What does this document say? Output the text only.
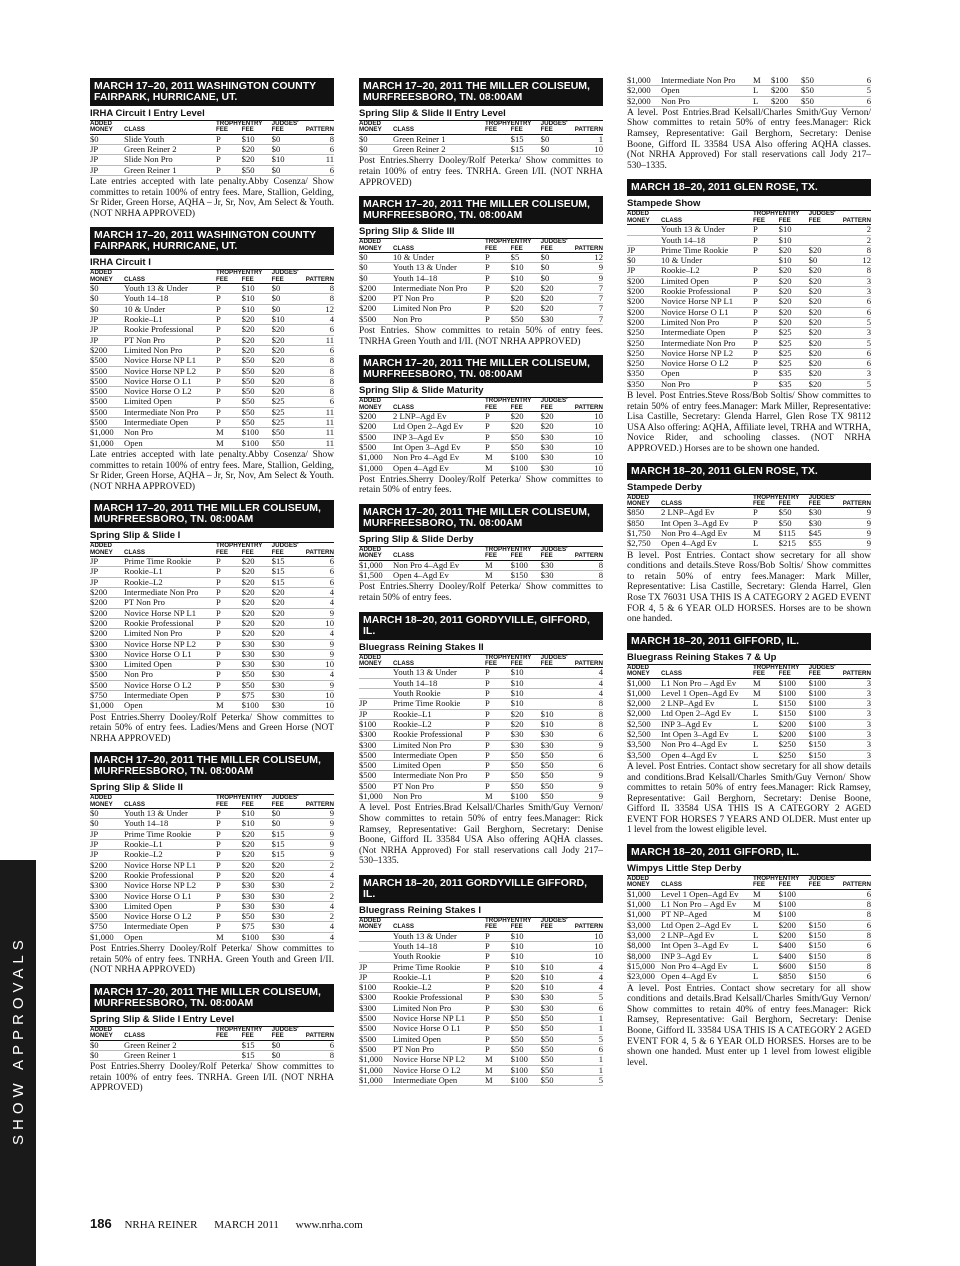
MARCH 17–20, 2011 WASHINGTON COUNTY FAIRPARK, HURRICANE, UT.
IRHA Circuit I Entry Level
ADDED MONEY	CLASS	TROPHY FEE	ENTRY FEE	JUDGES' FEE	PATTERN
$0	Slide Youth	P	$10	$0	8
JP	Green Reiner 2	P	$20	$0	6
JP	Slide Non Pro	P	$20	$10	11
JP	Green Reiner 1	P	$50	$0	6
Late entries accepted with late penalty.Abby Cosenza/ Show committes to retain 100% of entry fees. Mare, Stallion, Gelding, Sr Rider, Green Horse, AQHA – Jr, Sr, Nov, Am Select & Youth. (NOT NRHA APPROVED)
MARCH 17–20, 2011 WASHINGTON COUNTY FAIRPARK, HURRICANE, UT.
IRHA Circuit I
ADDED MONEY	CLASS	TROPHY FEE	ENTRY FEE	JUDGES' FEE	PATTERN
$0	Youth 13 & Under	P	$10	$0	8
$0	Youth 14–18	P	$10	$0	8
$0	10 & Under	P	$10	$0	12
JP	Rookie–L1	P	$20	$10	4
JP	Rookie Professional	P	$20	$20	6
JP	PT Non Pro	P	$20	$20	11
$200	Limited Non Pro	P	$20	$20	6
$500	Novice Horse NP L1	P	$50	$20	8
$500	Novice Horse NP L2	P	$50	$20	8
$500	Novice Horse O L1	P	$50	$20	8
$500	Novice Horse O L2	P	$50	$20	8
$500	Limited Open	P	$50	$25	6
$500	Intermediate Non Pro	P	$50	$25	11
$500	Intermediate Open	P	$50	$25	11
$1,000	Non Pro	M	$100	$50	11
$1,000	Open	M	$100	$50	11
Late entries accepted with late penalty.Abby Cosenza/ Show committes to retain 100% of entry fees. Mare, Stallion, Gelding, Sr Rider, Green Horse, AQHA – Jr, Sr, Nov, Am Select & Youth. (NOT NRHA APPROVED)
MARCH 17–20, 2011 THE MILLER COLISEUM, MURFREESBORO, TN. 08:00AM
Spring Slip & Slide I
ADDED MONEY	CLASS	TROPHY FEE	ENTRY FEE	JUDGES' FEE	PATTERN
JP	Prime Time Rookie	P	$20	$15	6
JP	Rookie–L1	P	$20	$15	6
JP	Rookie–L2	P	$20	$15	6
$200	Intermediate Non Pro	P	$20	$20	4
$200	PT Non Pro	P	$20	$20	4
$200	Novice Horse NP L1	P	$20	$20	9
$200	Rookie Professional	P	$20	$20	10
$200	Limited Non Pro	P	$20	$20	4
$300	Novice Horse NP L2	P	$30	$30	9
$300	Novice Horse O L1	P	$30	$30	9
$300	Limited Open	P	$30	$30	10
$500	Non Pro	P	$50	$30	4
$500	Novice Horse O L2	P	$50	$30	9
$750	Intermediate Open	P	$75	$30	10
$1,000	Open	M	$100	$30	10
Post Entries.Sherry Dooley/Rolf Peterka/ Show committes to retain 50% of entry fees. Ladies/Mens and Green Horse (NOT NRHA APPROVED)
MARCH 17–20, 2011 THE MILLER COLISEUM, MURFREESBORO, TN. 08:00AM
Spring Slip & Slide II
ADDED MONEY	CLASS	TROPHY FEE	ENTRY FEE	JUDGES' FEE	PATTERN
$0	Youth 13 & Under	P	$10	$0	9
$0	Youth 14–18	P	$10	$0	9
JP	Prime Time Rookie	P	$20	$15	9
JP	Rookie–L1	P	$20	$15	9
JP	Rookie–L2	P	$20	$15	9
$200	Novice Horse NP L1	P	$20	$20	2
$200	Rookie Professional	P	$20	$20	4
$300	Novice Horse NP L2	P	$30	$30	2
$300	Novice Horse O L1	P	$30	$30	2
$300	Limited Open	P	$30	$30	4
$500	Novice Horse O L2	P	$50	$30	2
$750	Intermediate Open	P	$75	$30	4
$1,000	Open	M	$100	$30	4
Post Entries.Sherry Dooley/Rolf Peterka/ Show committes to retain 50% of entry fees. TNRHA. Green Youth and Green I/II. (NOT NRHA APPROVED)
MARCH 17–20, 2011 THE MILLER COLISEUM, MURFREESBORO, TN. 08:00AM
Spring Slip & Slide I Entry Level
ADDED MONEY	CLASS	TROPHY FEE	ENTRY FEE	JUDGES' FEE	PATTERN
$0	Green Reiner 2		$15	$0	6
$0	Green Reiner 1		$15	$0	8
Post Entries.Sherry Dooley/Rolf Peterka/ Show committes to retain 100% of entry fees. TNRHA. Green I/II. (NOT NRHA APPROVED)
MARCH 17–20, 2011 THE MILLER COLISEUM, MURFREESBORO, TN. 08:00AM
Spring Slip & Slide II Entry Level
ADDED MONEY	CLASS	TROPHY FEE	ENTRY FEE	JUDGES' FEE	PATTERN
$0	Green Reiner 1		$15	$0	1
$0	Green Reiner 2		$15	$0	10
Post Entries.Sherry Dooley/Rolf Peterka/ Show committes to retain 100% of entry fees. TNRHA. Green I/II. (NOT NRHA APPROVED)
MARCH 17–20, 2011 THE MILLER COLISEUM, MURFREESBORO, TN. 08:00AM
Spring Slip & Slide III
ADDED MONEY	CLASS	TROPHY FEE	ENTRY FEE	JUDGES' FEE	PATTERN
$0	10 & Under	P	$5	$0	12
$0	Youth 13 & Under	P	$10	$0	9
$0	Youth 14–18	P	$10	$0	9
$200	Intermediate Non Pro	P	$20	$20	7
$200	PT Non Pro	P	$20	$20	7
$200	Limited Non Pro	P	$20	$20	7
$500	Non Pro	P	$50	$30	7
Post Entries. Show committes to retain 50% of entry fees. TNRHA Green Youth and I/II. (NOT NRHA APPROVED)
MARCH 17–20, 2011 THE MILLER COLISEUM, MURFREESBORO, TN. 08:00AM
Spring Slip & Slide Maturity
ADDED MONEY	CLASS	TROPHY FEE	ENTRY FEE	JUDGES' FEE	PATTERN
$200	2 LNP–Agd Ev	P	$20	$20	10
$200	Ltd Open 2–Agd Ev	P	$20	$20	10
$500	INP 3–Agd Ev	P	$50	$30	10
$500	Int Open 3–Agd Ev	P	$50	$30	10
$1,000	Non Pro 4–Agd Ev	M	$100	$30	10
$1,000	Open 4–Agd Ev	M	$100	$30	10
Post Entries.Sherry Dooley/Rolf Peterka/ Show committes to retain 50% of entry fees.
MARCH 17–20, 2011 THE MILLER COLISEUM, MURFREESBORO, TN. 08:00AM
Spring Slip & Slide Derby
ADDED MONEY	CLASS	TROPHY FEE	ENTRY FEE	JUDGES' FEE	PATTERN
$1,000	Non Pro 4–Agd Ev	M	$100	$30	8
$1,500	Open 4–Agd Ev	M	$150	$30	8
Post Entries.Sherry Dooley/Rolf Peterka/ Show committes to retain 50% of entry fees.
MARCH 18–20, 2011 GORDYVILLE, GIFFORD, IL.
Bluegrass Reining Stakes II
ADDED MONEY	CLASS	TROPHY FEE	ENTRY FEE	JUDGES' FEE	PATTERN
	Youth 13 & Under	P	$10		4
	Youth 14–18	P	$10		4
	Youth Rookie	P	$10		4
JP	Prime Time Rookie	P	$10		8
JP	Rookie–L1	P	$20	$10	8
$100	Rookie–L2	P	$20	$10	8
$300	Rookie Professional	P	$30	$30	6
$300	Limited Non Pro	P	$30	$30	9
$500	Intermediate Open	P	$50	$50	6
$500	Limited Open	P	$50	$50	6
$500	Intermediate Non Pro	P	$50	$50	9
$500	PT Non Pro	P	$50	$50	9
$1,000	Non Pro	M	$100	$50	9
A level. Post Entries.Brad Kelsall/Charles Smith/Guy Vernon/ Show committes to retain 50% of entry fees.Manager: Rick Ramsey, Representative: Gail Berghorn, Secretary: Denise Boone, Gifford IL 33584 USA Also offering AQHA classes. (Not NRHA Approved) For stall reservations call Jody 217–530–1335.
MARCH 18–20, 2011 GORDYVILLE GIFFORD, IL.
Bluegrass Reining Stakes I
ADDED MONEY	CLASS	TROPHY FEE	ENTRY FEE	JUDGES' FEE	PATTERN
	Youth 13 & Under	P	$10		10
	Youth 14–18	P	$10		10
	Youth Rookie	P	$10		10
JP	Prime Time Rookie	P	$10	$10	4
JP	Rookie–L1	P	$20	$10	4
$100	Rookie–L2	P	$20	$10	4
$300	Rookie Professional	P	$30	$30	5
$300	Limited Non Pro	P	$30	$30	6
$500	Novice Horse NP L1	P	$50	$50	1
$500	Novice Horse O L1	P	$50	$50	1
$500	Limited Open	P	$50	$50	5
$500	PT Non Pro	P	$50	$50	6
$1,000	Novice Horse NP L2	M	$100	$50	1
$1,000	Novice Horse O L2	M	$100	$50	1
$1,000	Intermediate Open	M	$100	$50	5
$1,000	Intermediate Non Pro	M	$100	$50	6
$2,000	Open	L	$200	$50	5
$2,000	Non Pro	L	$200	$50	6
A level. Post Entries.Brad Kelsall/Charles Smith/Guy Vernon/ Show committes to retain 50% of entry fees.Manager: Rick Ramsey, Representative: Gail Berghorn, Secretary: Denise Boone, Gifford IL 33584 USA Also offering AQHA classes. (Not NRHA Approved) For stall reservations call Jody 217–530–1335.
MARCH 18–20, 2011 GLEN ROSE, TX.
Stampede Show
ADDED MONEY	CLASS	TROPHY FEE	ENTRY FEE	JUDGES' FEE	PATTERN
	Youth 13 & Under	P	$10		2
	Youth 14–18	P	$10		2
JP	Prime Time Rookie	P	$20	$20	8
$0	10 & Under		$10	$0	12
JP	Rookie–L2	P	$20	$20	8
$200	Limited Open	P	$20	$20	3
$200	Rookie Professional	P	$20	$20	3
$200	Novice Horse NP L1	P	$20	$20	6
$200	Novice Horse O L1	P	$20	$20	6
$200	Limited Non Pro	P	$20	$20	5
$250	Intermediate Open	P	$25	$20	3
$250	Intermediate Non Pro	P	$25	$20	5
$250	Novice Horse NP L2	P	$25	$20	6
$250	Novice Horse O L2	P	$25	$20	6
$350	Open	P	$35	$20	3
$350	Non Pro	P	$35	$20	5
B level. Post Entries.Steve Ross/Bob Soltis/ Show committes to retain 50% of entry fees.Manager: Mark Miller, Representative: Lisa Castille, Secretary: Glenda Harrel, Glen Rose TX 98112 USA Also offering: AQHA, Affiliate level, TRHA and WTRHA, Novice Rider, and schooling classes. (NOT NRHA APPROVED.) Horses are to be shown one handed.
MARCH 18–20, 2011 GLEN ROSE, TX.
Stampede Derby
ADDED MONEY	CLASS	TROPHY FEE	ENTRY FEE	JUDGES' FEE	PATTERN
$850	2 LNP–Agd Ev	P	$50	$30	9
$850	Int Open 3–Agd Ev	P	$50	$30	9
$1,750	Non Pro 4–Agd Ev	M	$115	$45	9
$2,750	Open 4–Agd Ev	L	$215	$55	9
B level. Post Entries. Contact show secretary for all show conditions and details.Steve Ross/Bob Soltis/ Show committes to retain 50% of entry fees.Manager: Mark Miller, Representative: Lisa Castille, Secretary: Glenda Harrel, Glen Rose TX 76031 USA THIS IS A CATEGORY 2 AGED EVENT FOR 4, 5 & 6 YEAR OLD HORSES. Horses are to be shown one handed.
MARCH 18–20, 2011 GIFFORD, IL.
Bluegrass Reining Stakes 7 & Up
ADDED MONEY	CLASS	TROPHY FEE	ENTRY FEE	JUDGES' FEE	PATTERN
$1,000	L1 Non Pro – Agd Ev	M	$100	$100	3
$1,000	Level 1 Open–Agd Ev	M	$100	$100	3
$2,000	2 LNP–Agd Ev	L	$150	$100	3
$2,000	Ltd Open 2–Agd Ev	L	$150	$100	3
$2,500	INP 3–Agd Ev	L	$200	$100	3
$2,500	Int Open 3–Agd Ev	L	$200	$100	3
$3,500	Non Pro 4–Agd Ev	L	$250	$150	3
$3,500	Open 4–Agd Ev	L	$250	$150	3
A level. Post Entries. Contact show secretary for all show details and conditions.Brad Kelsall/Charles Smith/Guy Vernon/ Show committes to retain 50% of entry fees.Manager: Rick Ramsey, Representative: Gail Berghorn, Secretary: Denise Boone, Gifford IL 33584 USA THIS IS A CATEGORY 2 AGED EVENT FOR HORSES 7 YEARS AND OLDER. Must enter up 1 level from the lowest eligible level.
MARCH 18–20, 2011 GIFFORD, IL.
Wimpys Little Step Derby
ADDED MONEY	CLASS	TROPHY FEE	ENTRY FEE	JUDGES' FEE	PATTERN
$1,000	Level 1 Open–Agd Ev	M	$100		6
$1,000	L1 Non Pro – Agd Ev	M	$100		8
$1,000	PT NP–Aged	M	$100		8
$3,000	Ltd Open 2–Agd Ev	L	$200	$150	6
$3,000	2 LNP–Agd Ev	L	$200	$150	8
$8,000	Int Open 3–Agd Ev	L	$400	$150	6
$8,000	INP 3–Agd Ev	L	$400	$150	8
$15,000	Non Pro 4–Agd Ev	L	$600	$150	8
$23,000	Open 4–Agd Ev	L	$850	$150	6
A level. Post Entries. Contact show secretary for all show conditions and details.Brad Kelsall/Charles Smith/Guy Vernon/ Show committes to retain 40% of entry fees.Manager: Rick Ramsey, Representative: Gail Berghorn, Secretary: Denise Boone, Gifford IL 33584 USA THIS IS A CATEGORY 2 AGED EVENT FOR 4, 5 & 6 YEAR OLD HORSES. Horses are to be shown one handed. Must enter up 1 level from lowest eligible level.
186 NRHA REINER MARCH 2011 www.nrha.com
